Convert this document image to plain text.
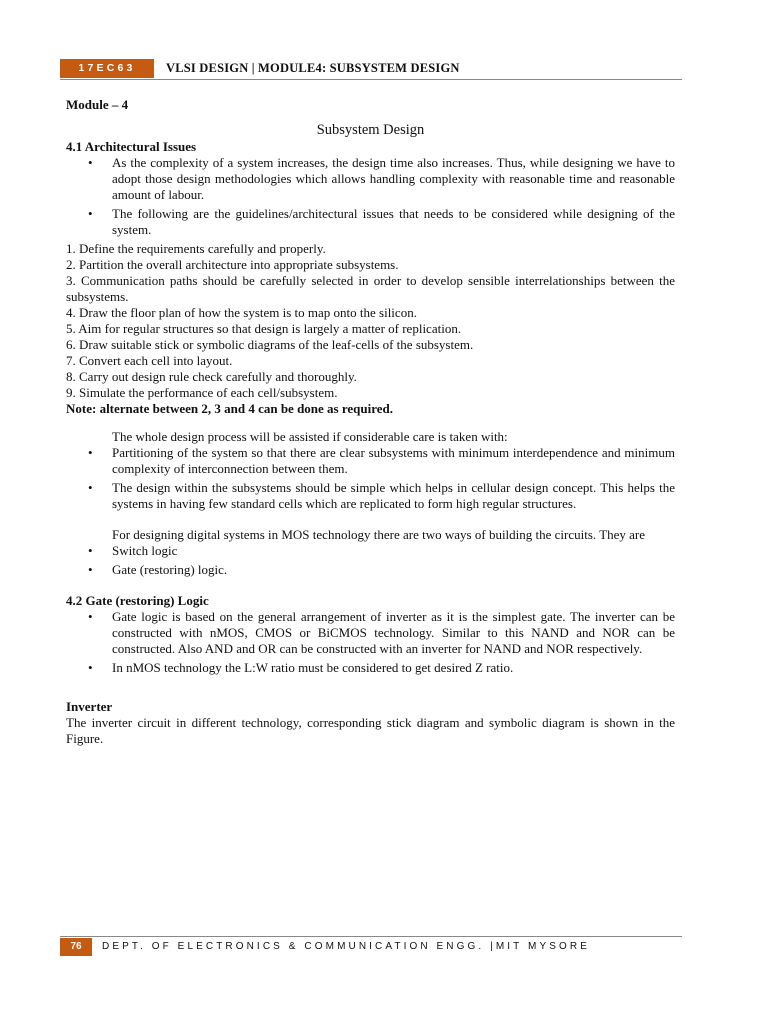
17EC63	VLSI DESIGN | MODULE4: SUBSYSTEM DESIGN

Module – 4

Subsystem Design

4.1 Architectural Issues

• As the complexity of a system increases, the design time also increases. Thus, while designing we have to adopt those design methodologies which allows handling complexity with reasonable time and reasonable amount of labour.
• The following are the guidelines/architectural issues that needs to be considered while designing of the system.

1. Define the requirements carefully and properly.

2. Partition the overall architecture into appropriate subsystems.

3. Communication paths should be carefully selected in order to develop sensible interrelationships between the subsystems.

4. Draw the floor plan of how the system is to map onto the silicon.

5. Aim for regular structures so that design is largely a matter of replication.

6. Draw suitable stick or symbolic diagrams of the leaf-cells of the subsystem.

7. Convert each cell into layout.

8. Carry out design rule check carefully and thoroughly.

9. Simulate the performance of each cell/subsystem.

Note: alternate between 2, 3 and 4 can be done as required.

The whole design process will be assisted if considerable care is taken with:

• Partitioning of the system so that there are clear subsystems with minimum interdependence and minimum complexity of interconnection between them.
• The design within the subsystems should be simple which helps in cellular design concept. This helps the systems in having few standard cells which are replicated to form high regular structures.

For designing digital systems in MOS technology there are two ways of building the circuits. They are

• Switch logic
• Gate (restoring) logic.

4.2 Gate (restoring) Logic

• Gate logic is based on the general arrangement of inverter as it is the simplest gate. The inverter can be constructed with nMOS, CMOS or BiCMOS technology. Similar to this NAND and NOR can be constructed. Also AND and OR can be constructed with an inverter for NAND and NOR respectively.
• In nMOS technology the L:W ratio must be considered to get desired Z ratio.

Inverter

The inverter circuit in different technology, corresponding stick diagram and symbolic diagram is shown in the Figure.

76	DEPT. OF ELECTRONICS & COMMUNICATION ENGG. |MIT MYSORE
